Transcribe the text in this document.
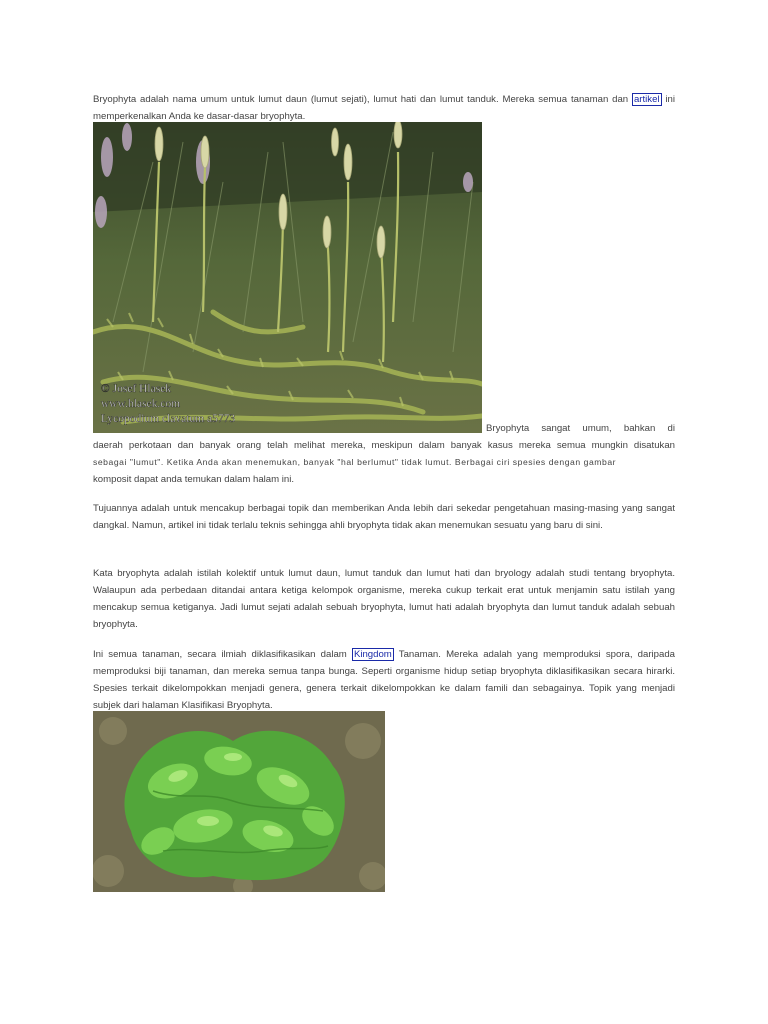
Bryophyta adalah nama umum untuk lumut daun (lumut sejati), lumut hati dan lumut tanduk. Mereka semua tanaman dan artikel ini memperkenalkan Anda ke dasar-dasar bryophyta.

© Josef Hlasek
www.hlasek.com
Lycopodium clavatum a5773

Bryophyta sangat umum, bahkan di

daerah perkotaan dan banyak orang telah melihat mereka, meskipun dalam banyak kasus mereka semua mungkin disatukan

sebagai "lumut". Ketika Anda akan menemukan, banyak "hal berlumut" tidak lumut. Berbagai ciri spesies dengan gambar

komposit dapat anda temukan dalam halam ini.

Tujuannya adalah untuk mencakup berbagai topik dan memberikan Anda lebih dari sekedar pengetahuan masing-masing yang sangat dangkal. Namun, artikel ini tidak terlalu teknis sehingga ahli bryophyta tidak akan menemukan sesuatu yang baru di sini.

Kata bryophyta adalah istilah kolektif untuk lumut daun, lumut tanduk dan lumut hati dan bryology adalah studi tentang bryophyta. Walaupun ada perbedaan ditandai antara ketiga kelompok organisme, mereka cukup terkait erat untuk menjamin satu istilah yang mencakup semua ketiganya. Jadi lumut sejati adalah sebuah bryophyta, lumut hati adalah bryophyta dan lumut tanduk adalah sebuah bryophyta.

Ini semua tanaman, secara ilmiah diklasifikasikan dalam Kingdom Tanaman. Mereka adalah yang memproduksi spora, daripada memproduksi biji tanaman, dan mereka semua tanpa bunga. Seperti organisme hidup setiap bryophyta diklasifikasikan secara hirarki. Spesies terkait dikelompokkan menjadi genera, genera terkait dikelompokkan ke dalam famili dan sebagainya. Topik yang menjadi subjek dari halaman Klasifikasi Bryophyta.
